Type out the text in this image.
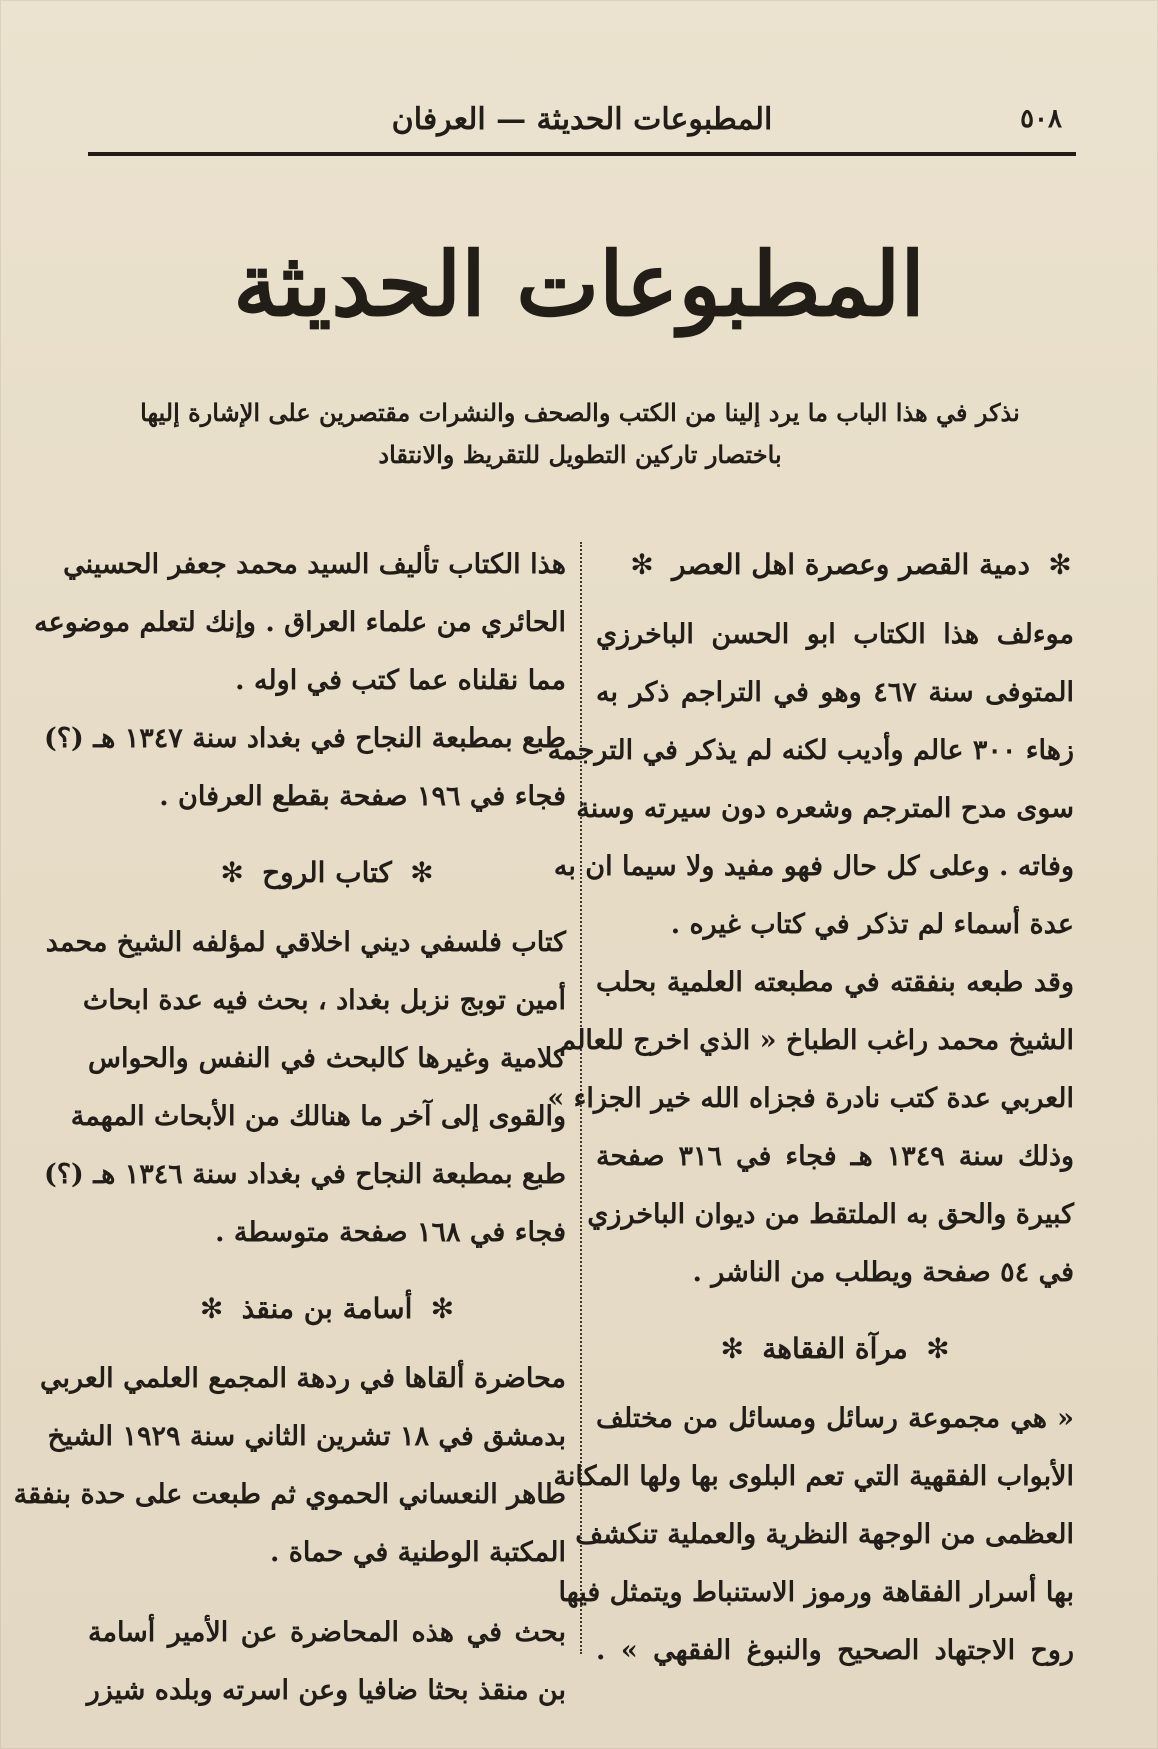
٥٠٨
المطبوعات الحديثة — العرفان
المطبوعات الحديثة
نذكر في هذا الباب ما يرد إلينا من الكتب والصحف والنشرات مقتصرين على الإشارة إليها
باختصار تاركين التطويل للتقريظ والانتقاد
✻
دمية القصر وعصرة اهل العصر
✻
موءلف هذا الكتاب ابو الحسن الباخرزي
المتوفى سنة ٤٦٧ وهو في التراجم ذكر به
زهاء ٣٠٠ عالم وأديب لكنه لم يذكر في الترجمة
سوى مدح المترجم وشعره دون سيرته وسنة
وفاته . وعلى كل حال فهو مفيد ولا سيما ان به
عدة أسماء لم تذكر في كتاب غيره .
وقد طبعه بنفقته في مطبعته العلمية بحلب
الشيخ محمد راغب الطباخ « الذي اخرج للعالم
العربي عدة كتب نادرة فجزاه الله خير الجزاء »
وذلك سنة ١٣٤٩ هـ فجاء في ٣١٦ صفحة
كبيرة والحق به الملتقط من ديوان الباخرزي
في ٥٤ صفحة ويطلب من الناشر .
✻
مرآة الفقاهة
✻
« هي مجموعة رسائل ومسائل من مختلف
الأبواب الفقهية التي تعم البلوى بها ولها المكانة
العظمى من الوجهة النظرية والعملية تنكشف
بها أسرار الفقاهة ورموز الاستنباط ويتمثل فيها
روح الاجتهاد الصحيح والنبوغ الفقهي » .
هذا الكتاب تأليف السيد محمد جعفر الحسيني
الحائري من علماء العراق . وإنك لتعلم موضوعه
مما نقلناه عما كتب في اوله .
طبع بمطبعة النجاح في بغداد سنة ١٣٤٧ هـ (؟)
فجاء في ١٩٦ صفحة بقطع العرفان .
✻
كتاب الروح
✻
كتاب فلسفي ديني اخلاقي لمؤلفه الشيخ محمد
أمين توبج نزبل بغداد ، بحث فيه عدة ابحاث
كلامية وغيرها كالبحث في النفس والحواس
والقوى إلى آخر ما هنالك من الأبحاث المهمة
طبع بمطبعة النجاح في بغداد سنة ١٣٤٦ هـ (؟)
فجاء في ١٦٨ صفحة متوسطة .
✻
أسامة بن منقذ
✻
محاضرة ألقاها في ردهة المجمع العلمي العربي
بدمشق في ١٨ تشرين الثاني سنة ١٩٢٩ الشيخ
طاهر النعساني الحموي ثم طبعت على حدة بنفقة
المكتبة الوطنية في حماة .
بحث في هذه المحاضرة عن الأمير أسامة
بن منقذ بحثا ضافيا وعن اسرته وبلده شيزر
